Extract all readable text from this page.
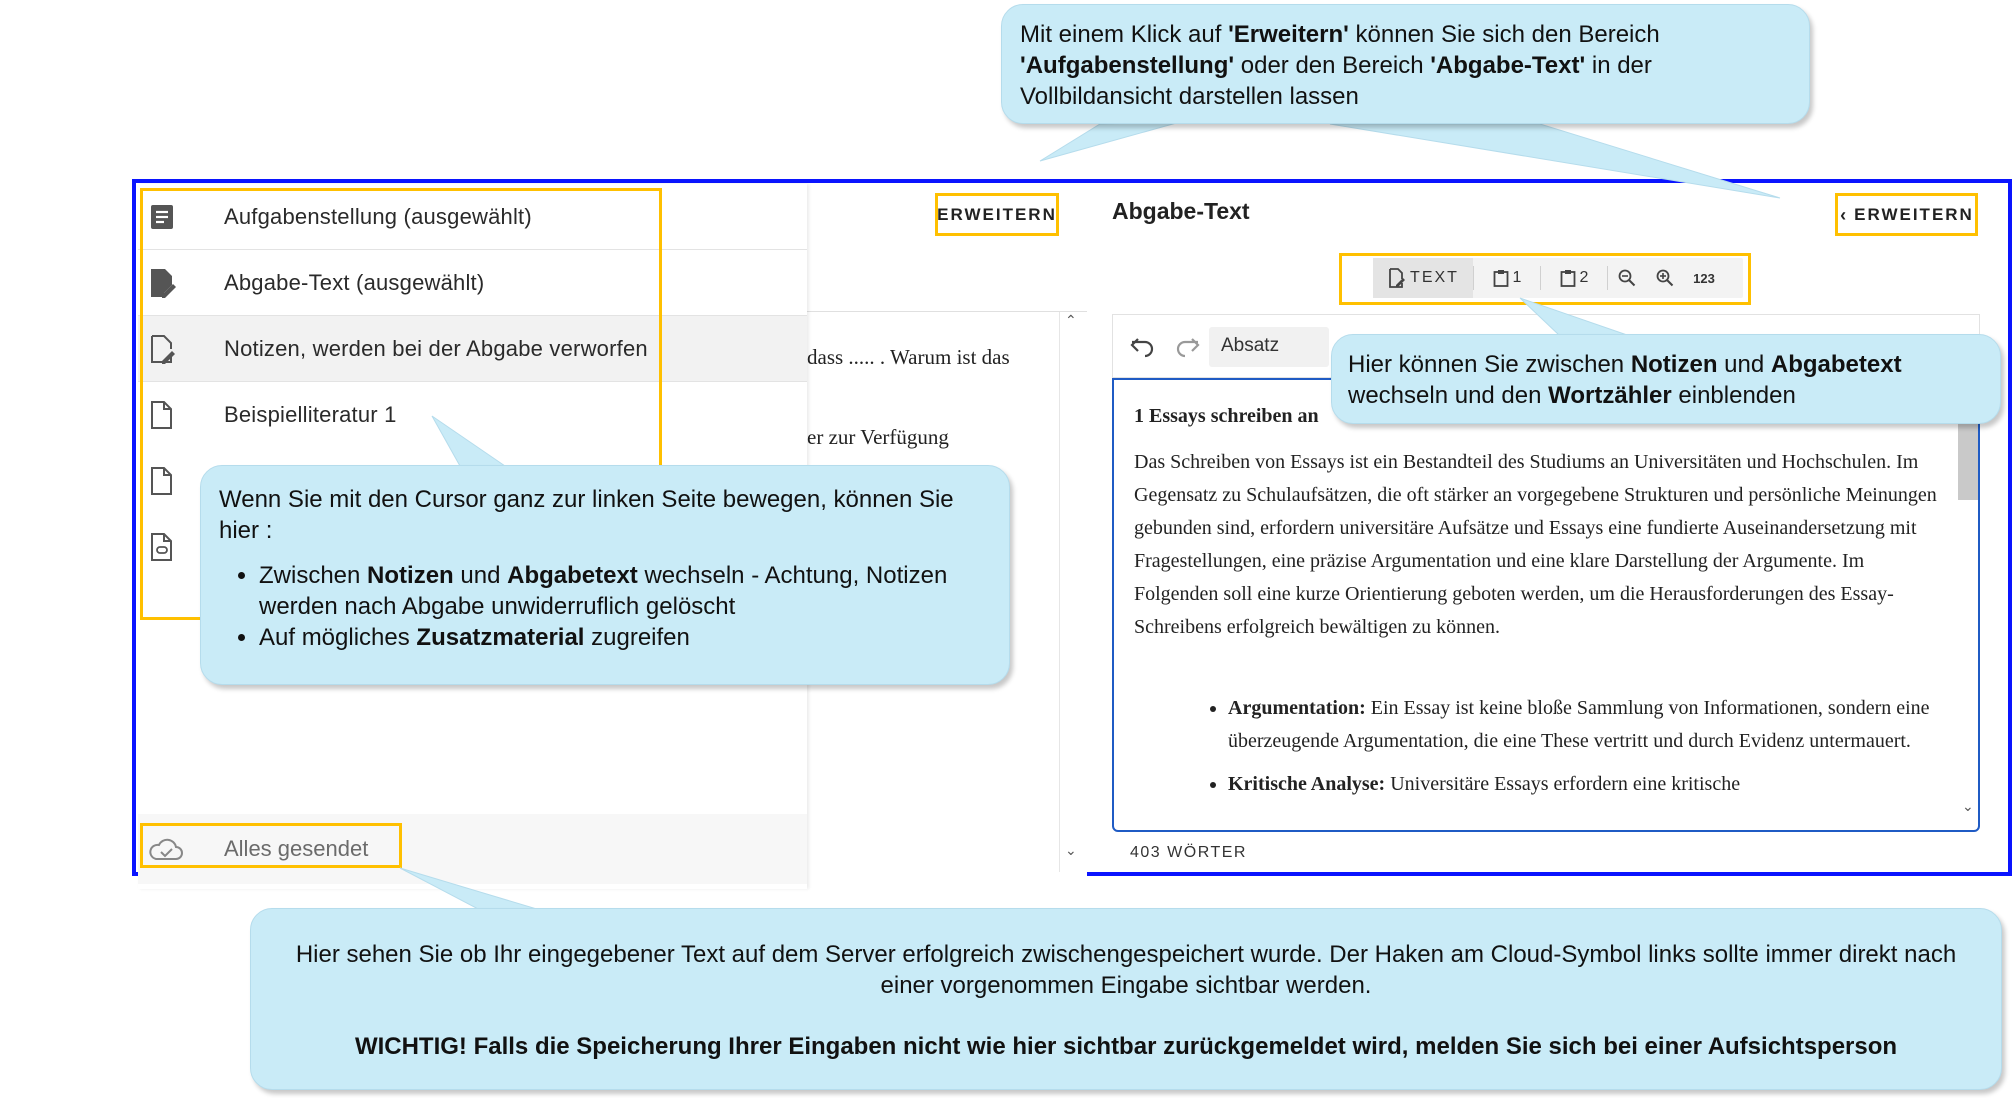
dass ..... . Warum ist das
er zur Verfügung
⌃
⌄
ERWEITERN Abgabe-Text	‹ ERWEITERN
TEXT	1	2	123
Absatz
1 Essays schreiben an
Das Schreiben von Essays ist ein Bestandteil des Studiums an Universitäten und Hochschulen. Im Gegensatz zu Schulaufsätzen, die oft stärker an vorgegebene Strukturen und persönliche Meinungen gebunden sind, erfordern universitäre Aufsätze und Essays eine fundierte Auseinandersetzung mit Fragestellungen, eine präzise Argumentation und eine klare Darstellung der Argumente. Im Folgenden soll eine kurze Orientierung geboten werden, um die Herausforderungen des Essay-Schreibens erfolgreich bewältigen zu können.
• Argumentation: Ein Essay ist keine bloße Sammlung von Informationen, sondern eine überzeugende Argumentation, die eine These vertritt und durch Evidenz untermauert.
• Kritische Analyse: Universitäre Essays erfordern eine kritische
⌄
403 WÖRTER
Aufgabenstellung (ausgewählt)
Abgabe-Text (ausgewählt)
Notizen, werden bei der Abgabe verworfen
Beispielliteratur 1
Alles gesendet
Mit einem Klick auf 'Erweitern' können Sie sich den Bereich
'Aufgabenstellung' oder den Bereich 'Abgabe-Text' in der
Vollbildansicht darstellen lassen
Hier können Sie zwischen Notizen und Abgabetext
wechseln und den Wortzähler einblenden
Wenn Sie mit den Cursor ganz zur linken Seite bewegen, können Sie hier :
• Zwischen Notizen und Abgabetext wechseln - Achtung, Notizen werden nach Abgabe unwiderruflich gelöscht
• Auf mögliches Zusatzmaterial zugreifen
Hier sehen Sie ob Ihr eingegebener Text auf dem Server erfolgreich zwischengespeichert wurde. Der Haken am Cloud-Symbol links sollte immer direkt nach einer vorgenommen Eingabe sichtbar werden.
WICHTIG! Falls die Speicherung Ihrer Eingaben nicht wie hier sichtbar zurückgemeldet wird, melden Sie sich bei einer Aufsichtsperson
